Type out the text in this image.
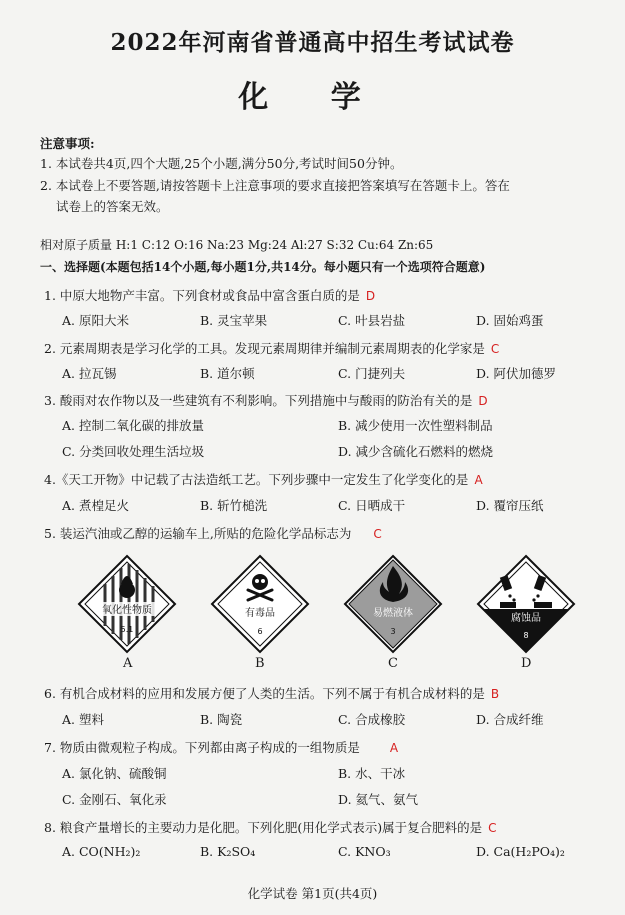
2022年河南省普通高中招生考试试卷
化 学
注意事项:
1. 本试卷共4页,四个大题,25个小题,满分50分,考试时间50分钟。
2. 本试卷上不要答题,请按答题卡上注意事项的要求直接把答案填写在答题卡上。答在
试卷上的答案无效。
相对原子质量 H:1 C:12 O:16 Na:23 Mg:24 Al:27 S:32 Cu:64 Zn:65
一、选择题(本题包括14个小题,每小题1分,共14分。每小题只有一个选项符合题意)
1. 中原大地物产丰富。下列食材或食品中富含蛋白质的是 D
A. 原阳大米	B. 灵宝苹果	C. 叶县岩盐	D. 固始鸡蛋
2. 元素周期表是学习化学的工具。发现元素周期律并编制元素周期表的化学家是 C
A. 拉瓦锡	B. 道尔顿	C. 门捷列夫	D. 阿伏加德罗
3. 酸雨对农作物以及一些建筑有不利影响。下列措施中与酸雨的防治有关的是 D
A. 控制二氧化碳的排放量	B. 减少使用一次性塑料制品
C. 分类回收处理生活垃圾	D. 减少含硫化石燃料的燃烧
4.《天工开物》中记载了古法造纸工艺。下列步骤中一定发生了化学变化的是 A
A. 煮楻足火	B. 斩竹槌洗	C. 日晒成干	D. 覆帘压纸
5. 装运汽油或乙醇的运输车上,所贴的危险化学品标志为 C
氧化性物质
5.1
A
有毒品
6
B
易燃液体
3
C
腐蚀品
8
D
6. 有机合成材料的应用和发展方便了人类的生活。下列不属于有机合成材料的是 B
A. 塑料	B. 陶瓷	C. 合成橡胶	D. 合成纤维
7. 物质由微观粒子构成。下列都由离子构成的一组物质是	A
A. 氯化钠、硫酸铜	B. 水、干冰
C. 金刚石、氧化汞	D. 氦气、氨气
8. 粮食产量增长的主要动力是化肥。下列化肥(用化学式表示)属于复合肥料的是 C
A. CO(NH₂)₂	B. K₂SO₄	C. KNO₃	D. Ca(H₂PO₄)₂
化学试卷 第1页(共4页)
